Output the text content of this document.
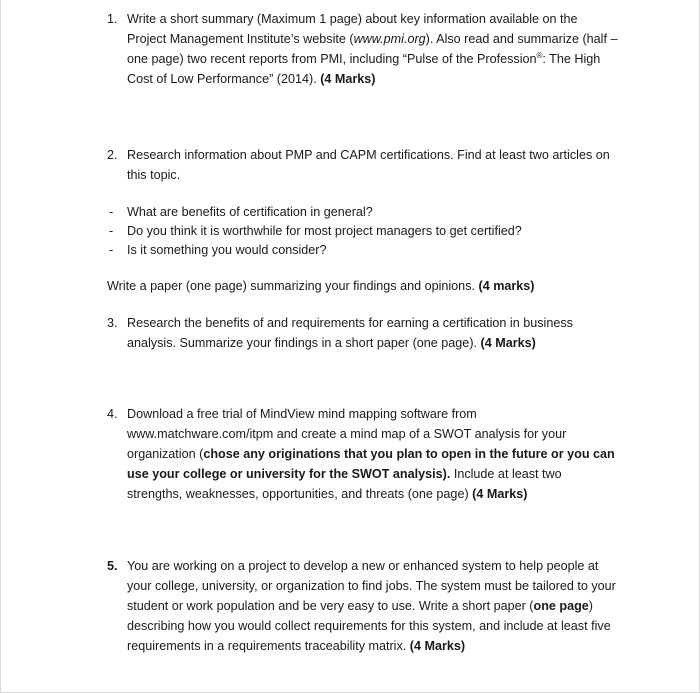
1. Write a short summary (Maximum 1 page) about key information available on the Project Management Institute’s website (www.pmi.org). Also read and summarize (half – one page) two recent reports from PMI, including “Pulse of the Profession®: The High Cost of Low Performance” (2014). (4 Marks)
2. Research information about PMP and CAPM certifications. Find at least two articles on this topic.
- What are benefits of certification in general?
- Do you think it is worthwhile for most project managers to get certified?
- Is it something you would consider?
Write a paper (one page) summarizing your findings and opinions. (4 marks)
3. Research the benefits of and requirements for earning a certification in business analysis. Summarize your findings in a short paper (one page). (4 Marks)
4. Download a free trial of MindView mind mapping software from www.matchware.com/itpm and create a mind map of a SWOT analysis for your organization (chose any originations that you plan to open in the future or you can use your college or university for the SWOT analysis). Include at least two strengths, weaknesses, opportunities, and threats (one page) (4 Marks)
5. You are working on a project to develop a new or enhanced system to help people at your college, university, or organization to find jobs. The system must be tailored to your student or work population and be very easy to use. Write a short paper (one page) describing how you would collect requirements for this system, and include at least five requirements in a requirements traceability matrix. (4 Marks)
